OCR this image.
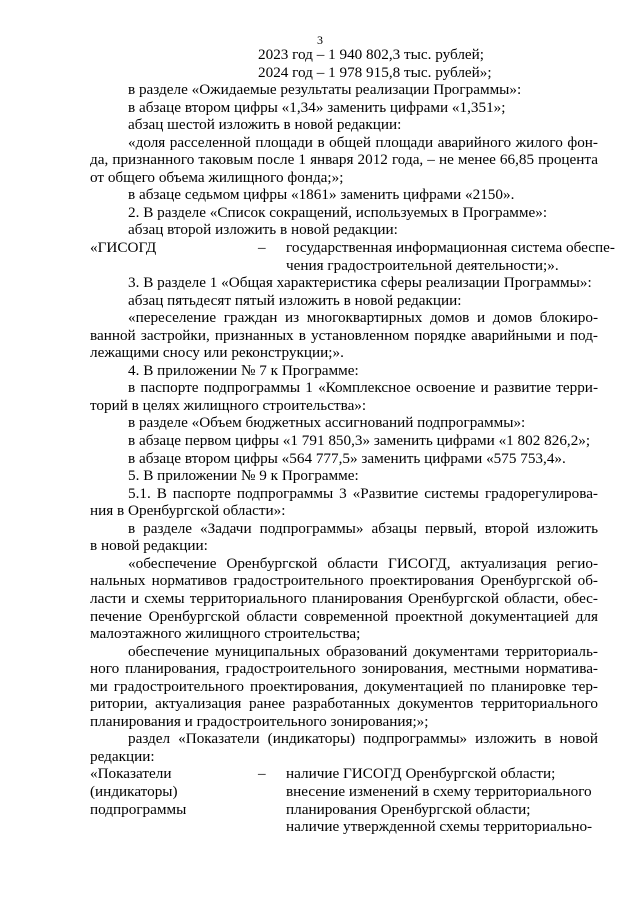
3
2023 год – 1 940 802,3 тыс. рублей;
2024 год – 1 978 915,8 тыс. рублей»;
в разделе «Ожидаемые результаты реализации Программы»:
в абзаце втором цифры «1,34» заменить цифрами «1,351»;
абзац шестой изложить в новой редакции:
«доля расселенной площади в общей площади аварийного жилого фон-
да, признанного таковым после 1 января 2012 года, – не менее 66,85 процента
от общего объема жилищного фонда;»;
в абзаце седьмом цифры «1861» заменить цифрами «2150».
2. В разделе «Список сокращений, используемых в Программе»:
абзац второй изложить в новой редакции:
«ГИСОГД	– государственная информационная система обеспе-
чения градостроительной деятельности;».
3. В разделе 1 «Общая характеристика сферы реализации Программы»:
абзац пятьдесят пятый изложить в новой редакции:
«переселение граждан из многоквартирных домов и домов блокиро-
ванной застройки, признанных в установленном порядке аварийными и под-
лежащими сносу или реконструкции;».
4. В приложении № 7 к Программе:
в паспорте подпрограммы 1 «Комплексное освоение и развитие терри-
торий в целях жилищного строительства»:
в разделе «Объем бюджетных ассигнований подпрограммы»:
в абзаце первом цифры «1 791 850,3» заменить цифрами «1 802 826,2»;
в абзаце втором цифры «564 777,5» заменить цифрами «575 753,4».
5. В приложении № 9 к Программе:
5.1. В паспорте подпрограммы 3 «Развитие системы градорегулирова-
ния в Оренбургской области»:
в разделе «Задачи подпрограммы» абзацы первый, второй изложить
в новой редакции:
«обеспечение Оренбургской области ГИСОГД, актуализация регио-
нальных нормативов градостроительного проектирования Оренбургской об-
ласти и схемы территориального планирования Оренбургской области, обес-
печение Оренбургской области современной проектной документацией для
малоэтажного жилищного строительства;
обеспечение муниципальных образований документами территориаль-
ного планирования, градостроительного зонирования, местными норматива-
ми градостроительного проектирования, документацией по планировке тер-
ритории, актуализация ранее разработанных документов территориального
планирования и градостроительного зонирования;»;
раздел «Показатели (индикаторы) подпрограммы» изложить в новой
редакции:
«Показатели	– наличие ГИСОГД Оренбургской области;
(индикаторы)	внесение изменений в схему территориального
подпрограммы	планирования Оренбургской области;
наличие утвержденной схемы территориально-
